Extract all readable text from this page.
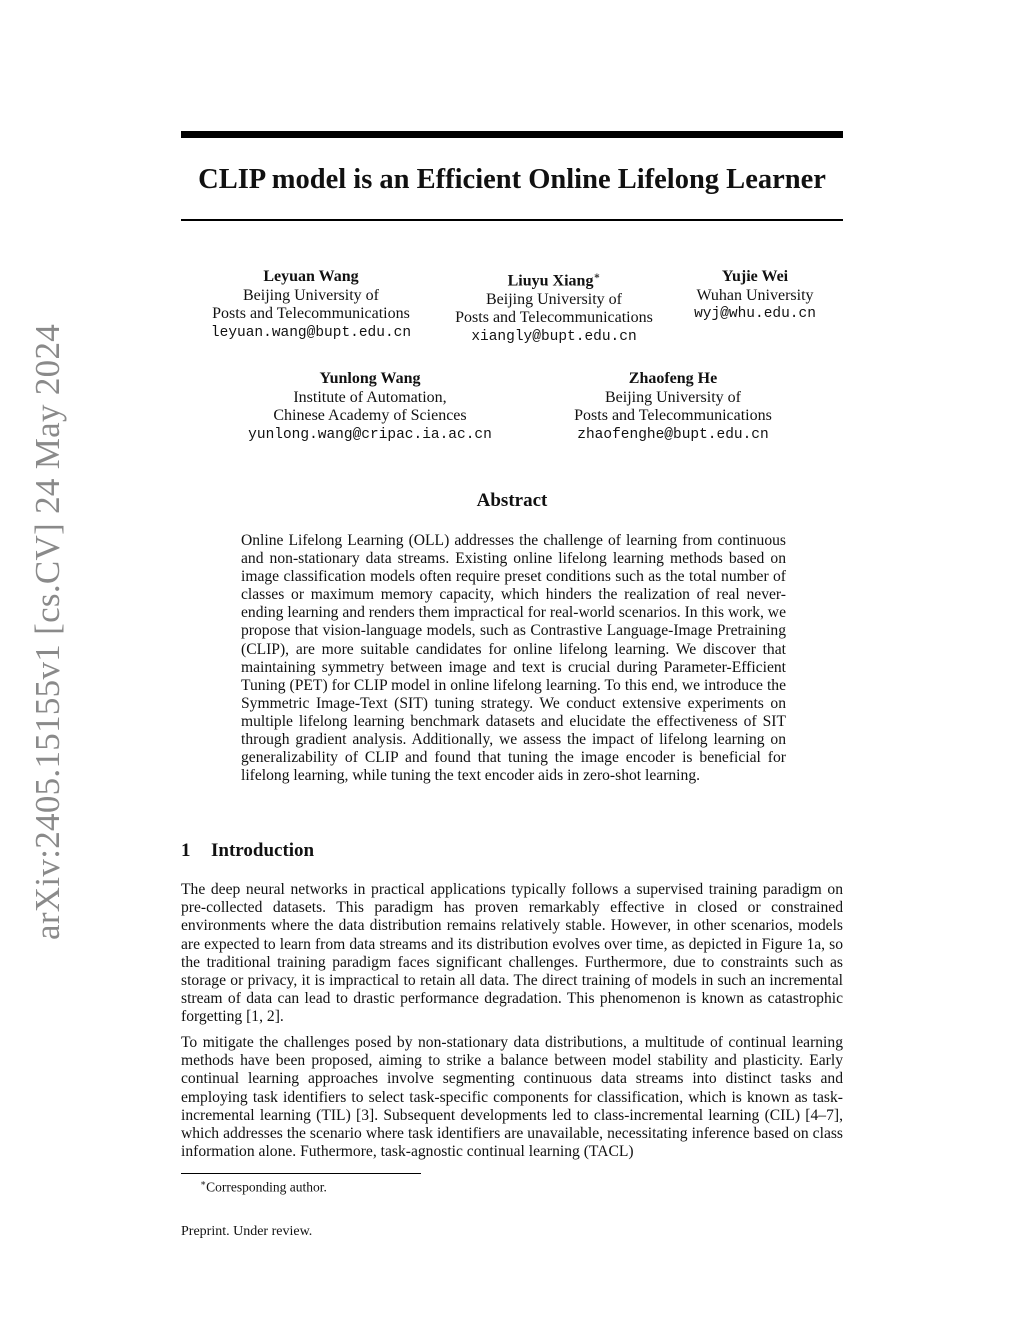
arXiv:2405.15155v1 [cs.CV] 24 May 2024
CLIP model is an Efficient Online Lifelong Learner
Leyuan Wang
Beijing University of
Posts and Telecommunications
leyuan.wang@bupt.edu.cn
Liuyu Xiang∗
Beijing University of
Posts and Telecommunications
xiangly@bupt.edu.cn
Yujie Wei
Wuhan University
wyj@whu.edu.cn
Yunlong Wang
Institute of Automation,
Chinese Academy of Sciences
yunlong.wang@cripac.ia.ac.cn
Zhaofeng He
Beijing University of
Posts and Telecommunications
zhaofenghe@bupt.edu.cn
Abstract
Online Lifelong Learning (OLL) addresses the challenge of learning from continuous and non-stationary data streams. Existing online lifelong learning methods based on image classification models often require preset conditions such as the total number of classes or maximum memory capacity, which hinders the realization of real never-ending learning and renders them impractical for real-world scenarios. In this work, we propose that vision-language models, such as Contrastive Language-Image Pretraining (CLIP), are more suitable candidates for online lifelong learning. We discover that maintaining symmetry between image and text is crucial during Parameter-Efficient Tuning (PET) for CLIP model in online lifelong learning. To this end, we introduce the Symmetric Image-Text (SIT) tuning strategy. We conduct extensive experiments on multiple lifelong learning benchmark datasets and elucidate the effectiveness of SIT through gradient analysis. Additionally, we assess the impact of lifelong learning on generalizability of CLIP and found that tuning the image encoder is beneficial for lifelong learning, while tuning the text encoder aids in zero-shot learning.
1 Introduction

The deep neural networks in practical applications typically follows a supervised training paradigm on pre-collected datasets. This paradigm has proven remarkably effective in closed or constrained environments where the data distribution remains relatively stable. However, in other scenarios, models are expected to learn from data streams and its distribution evolves over time, as depicted in Figure 1a, so the traditional training paradigm faces significant challenges. Furthermore, due to constraints such as storage or privacy, it is impractical to retain all data. The direct training of models in such an incremental stream of data can lead to drastic performance degradation. This phenomenon is known as catastrophic forgetting [1, 2].

To mitigate the challenges posed by non-stationary data distributions, a multitude of continual learning methods have been proposed, aiming to strike a balance between model stability and plasticity. Early continual learning approaches involve segmenting continuous data streams into distinct tasks and employing task identifiers to select task-specific components for classification, which is known as task-incremental learning (TIL) [3]. Subsequent developments led to class-incremental learning (CIL) [4–7], which addresses the scenario where task identifiers are unavailable, necessitating inference based on class information alone. Futhermore, task-agnostic continual learning (TACL)

∗Corresponding author.
Preprint. Under review.
